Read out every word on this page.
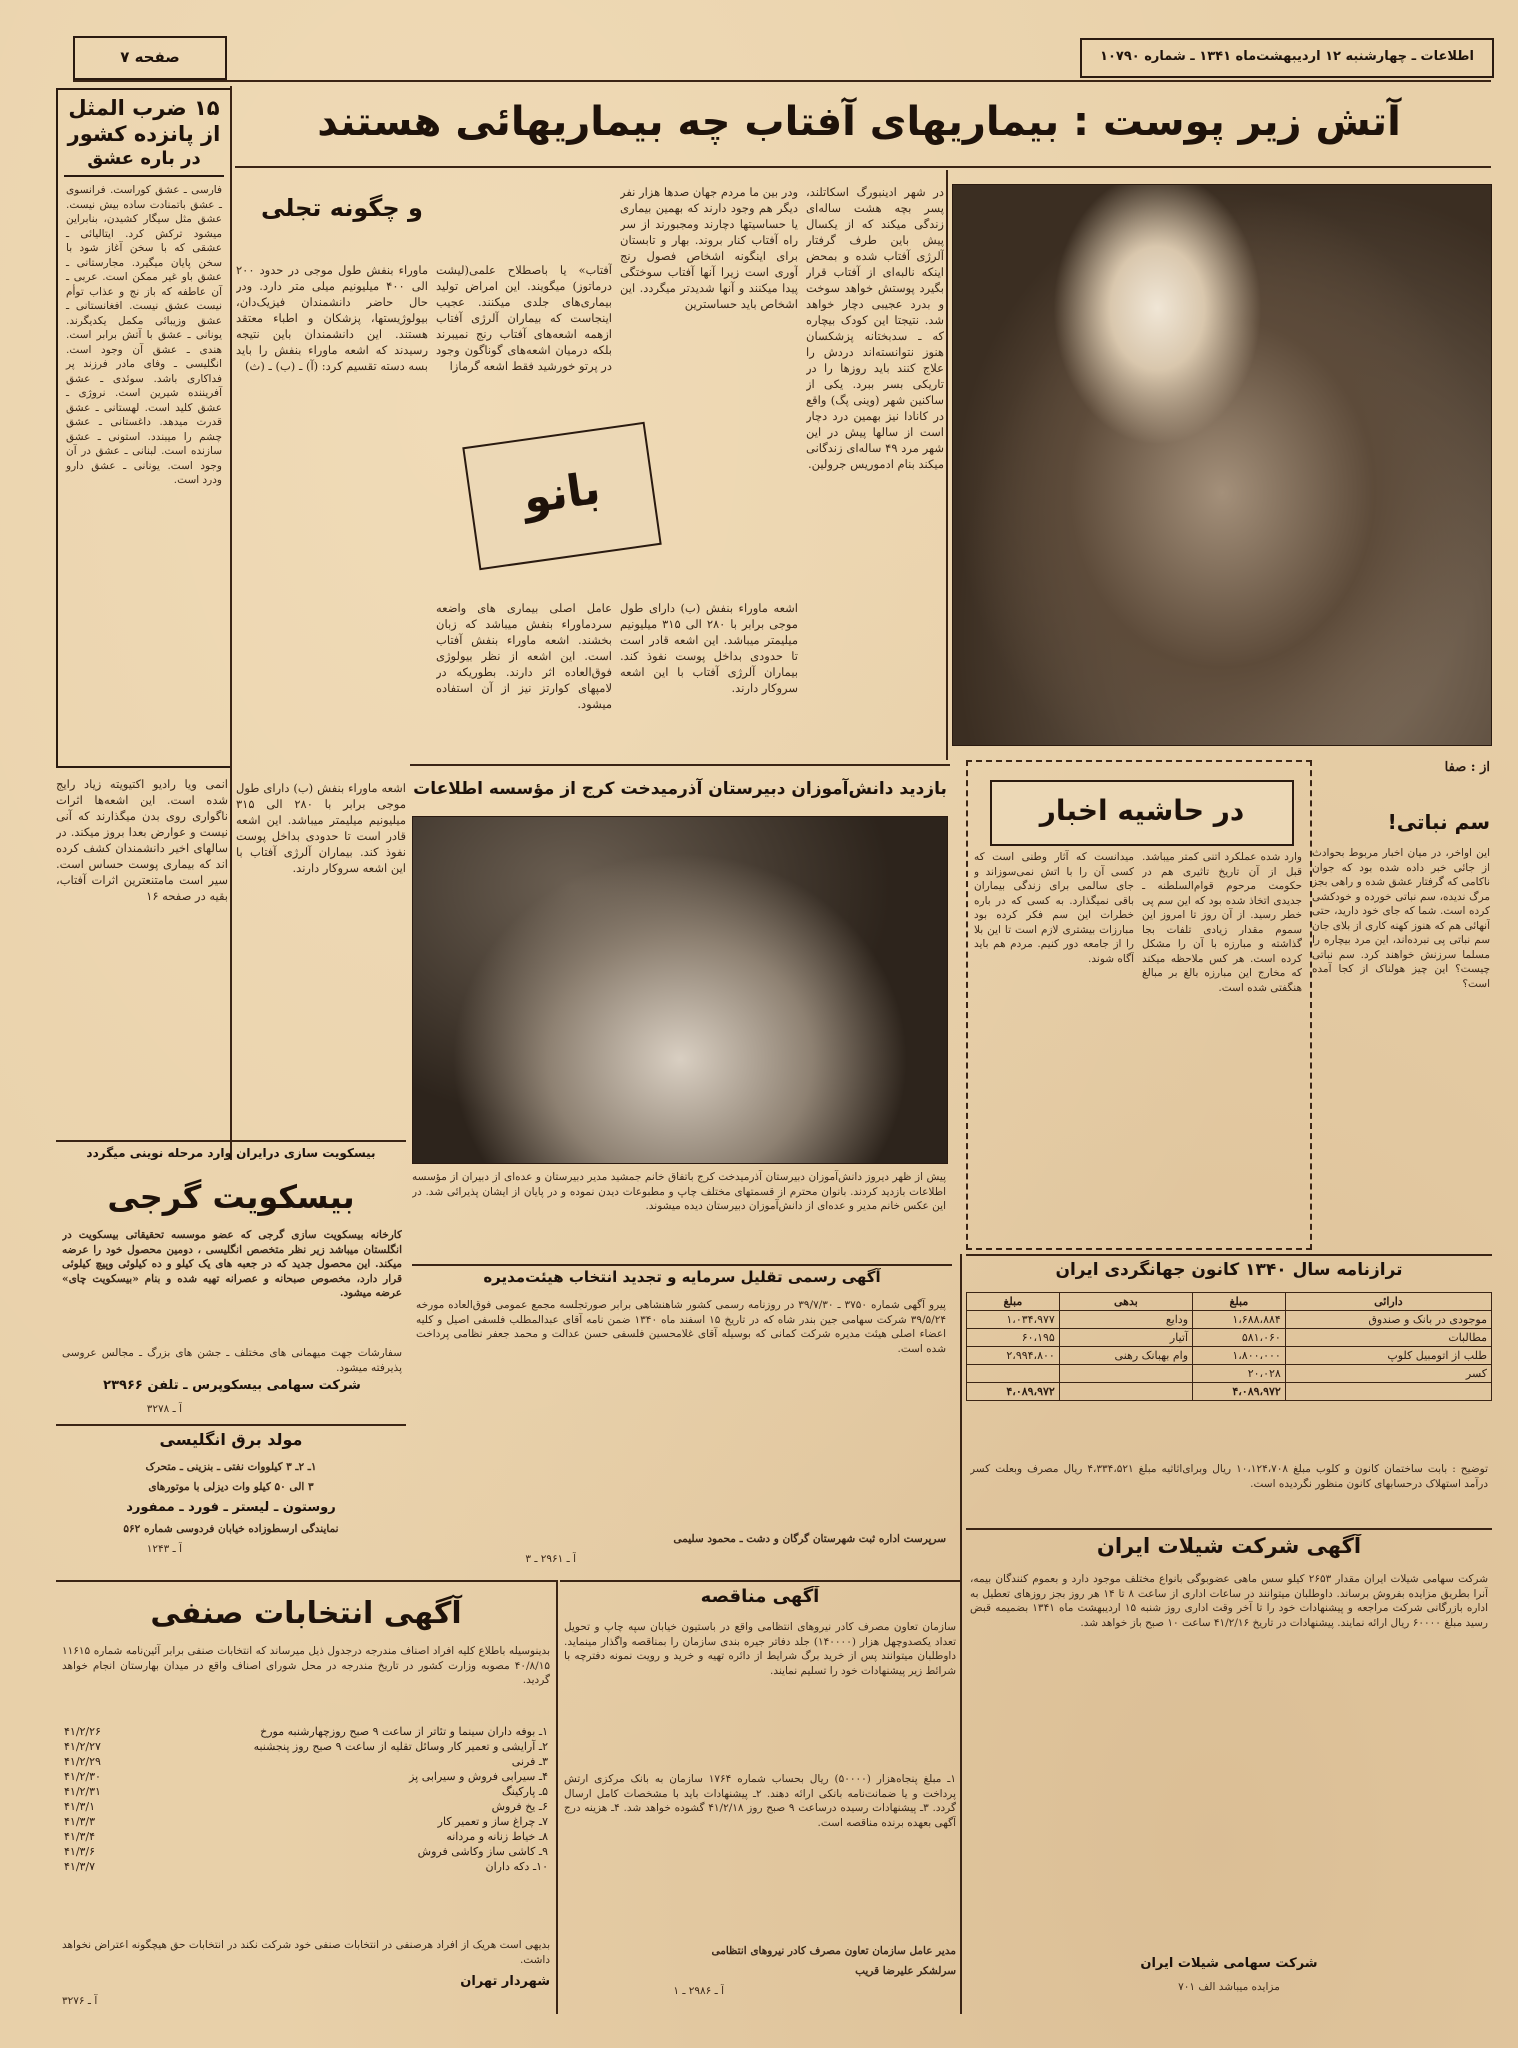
صفحه ۷	اطلاعات ـ چهارشنبه ۱۲ اردیبهشت‌ماه ۱۳۴۱ ـ شماره ۱۰۷۹۰
آتش زیر پوست : بیماریهای آفتاب چه بیماریهائی هستند
۱۵ ضرب المثل
از پانزده کشور
در باره عشق
فارسی ـ عشق کوراست. فرانسوی ـ عشق باتمنادت ساده بیش نیست. عشق مثل سیگار کشیدن، بنابراین میشود ترکش کرد. ایتالیائی ـ عشقی که با سخن آغاز شود با سخن پایان میگیرد. مجارستانی ـ عشق باو غیر ممکن است. عربی ـ آن عاطفه که باز نج و عذاب توأم نیست عشق نیست. افغانستانی ـ عشق وزیبائی مکمل یکدیگرند. یونانی ـ عشق با آتش برابر است. هندی ـ عشق آن وجود است. انگلیسی ـ وفای مادر فرزند پر فداکاری باشد. سوئدی ـ عشق آفریننده شیرین است. نروژی ـ عشق کلید است. لهستانی ـ عشق قدرت میدهد. داغستانی ـ عشق چشم را میبندد. استونی ـ عشق سازنده است. لبنانی ـ عشق در آن وجود است. یونانی ـ عشق دارو ودرد است.
و چگونه تجلی
در شهر ادینبورگ اسکاتلند، پسر بچه هشت ساله‌ای زندگی میکند که از یکسال پیش باین طرف گرفتار آلرژی آفتاب شده و بمحض اینکه نالبه‌ای از آفتاب قرار بگیرد پوستش خواهد سوخت و بدرد عجیبی دچار خواهد شد. نتیجتا این کودک بیچاره که ـ سدبختانه پزشکسان هنوز نتوانسته‌اند دردش را علاج کنند باید روزها را در تاریکی بسر ببرد. یکی از ساکنین شهر (وینی پگ) واقع در کانادا نیز بهمین درد دچار است از سالها پیش در این شهر مرد ۴۹ ساله‌ای زندگانی میکند بنام ادموریس جرولین.
ودر بین ما مردم جهان صدها هزار نفر دیگر هم وجود دارند که بهمین بیماری یا حساسیتها دچارند ومجبورند از سر راه آفتاب کنار بروند. بهار و تابستان برای اینگونه اشخاص فصول رنج آوری است زیرا آنها آفتاب سوختگی پیدا میکنند و آنها شدیدتر میگردد. این اشخاص باید حساسترین
آفتاب» یا باصطلاح علمی(لیشت درماتوز) میگویند. این امراض تولید بیماری‌های جلدی میکنند. عجیب اینجاست که بیماران آلرژی آفتاب ازهمه اشعه‌های آفتاب رنج نمیبرند بلکه درمیان اشعه‌های گوناگون وجود در پرتو خورشید فقط اشعه گرمازا
ماوراء بنفش طول موجی در حدود ۲۰۰ الی ۴۰۰ میلیونیم میلی متر دارد. ودر حال حاضر دانشمندان فیزیک‌دان، بیولوژیستها، پزشکان و اطباء معتقد هستند. این دانشمندان باین نتیجه رسیدند که اشعه ماوراء بنفش را باید بسه دسته تقسیم کرد: (آ) ـ (ب) ـ (ث)
بانو
عامل اصلی بیماری های واضعه سردماوراء بنفش میباشد که زبان بخشند. اشعه ماوراء بنفش آفتاب است. این اشعه از نظر بیولوژی فوق‌العاده اثر دارند. بطوریکه در لامپهای کوارتز نیز از آن استفاده میشود.
اشعه ماوراء بنفش (ب) دارای طول موجی برابر با ۲۸۰ الی ۳۱۵ میلیونیم میلیمتر میباشد. این اشعه قادر است تا حدودی بداخل پوست نفوذ کند. بیماران آلرژی آفتاب با این اشعه سروکار دارند.
انمی ویا رادیو اکتیویته زیاد رایج شده است. این اشعه‌ها اثرات ناگواری روی بدن میگذارند که آنی نیست و عوارض بعدا بروز میکند. در سالهای اخیر دانشمندان کشف کرده اند که بیماری پوست حساس است. سیر است مامتنعترین اثرات آفتاب، بقیه در صفحه ۱۶
اشعه ماوراء بنفش (ب) دارای طول موجی برابر با ۲۸۰ الی ۳۱۵ میلیونیم میلیمتر میباشد. این اشعه قادر است تا حدودی بداخل پوست نفوذ کند. بیماران آلرژی آفتاب با این اشعه سروکار دارند.
بازدید دانش‌آموزان دبیرستان آذرمیدخت کرج از مؤسسه اطلاعات
پیش از ظهر دیروز دانش‌آموزان دبیرستان آذرمیدخت کرج باتفاق خانم جمشید مدیر دبیرستان و عده‌ای از دبیران از مؤسسه اطلاعات بازدید کردند. بانوان محترم از قسمتهای مختلف چاپ و مطبوعات دیدن نموده و در پایان از ایشان پذیرائی شد. در این عکس خانم مدیر و عده‌ای از دانش‌آموزان دبیرستان دیده میشوند.
از : صفا
در حاشیه اخبار	سم نباتی!
این اواخر، در میان اخبار مربوط بحوادث از جائی خبر داده شده بود که جوان ناکامی که گرفتار عشق شده و راهی بجز مرگ ندیده، سم نباتی خورده و خودکشی کرده است. شما که جای خود دارید، حتی آنهائی هم که هنوز کهنه کاری از بلای جان سم نباتی پی نبرده‌اند، این مرد بیچاره را مسلما سرزنش خواهند کرد. سم نباتی چیست؟ این چیز هولناک از کجا آمده است؟
وارد شده عملکرد اتنی کمتر میباشد. قبل از آن تاریخ تاثیری هم در حکومت مرحوم قوام‌السلطنه ـ جدیدی اتخاذ شده بود که این سم پی خطر رسید. از آن روز تا امروز این سموم مقدار زیادی تلفات بجا گذاشته و مبارزه با آن را مشکل کرده است. هر کس ملاحظه میکند که مخارج این مبارزه بالغ بر مبالغ هنگفتی شده است.
میدانست که آثار وطنی است که کسی آن را با اتش نمی‌سوزاند و جای سالمی برای زندگی بیماران باقی نمیگذارد. به کسی که در باره خطرات این سم فکر کرده بود مبارزات بیشتری لازم است تا این بلا را از جامعه دور کنیم. مردم هم باید آگاه شوند.
بیسکویت سازی درایران وارد مرحله نوینی میگردد
بیسکویت گرجی
کارخانه بیسکویت سازی گرجی که عضو موسسه تحقیقاتی بیسکویت در انگلستان میباشد زیر نظر متخصص انگلیسی ، دومین محصول خود را عرضه میکند. این محصول جدید که در جعبه های یک کیلو و ده کیلوئی وپیچ کیلوئی قرار دارد، مخصوص صبحانه و عصرانه تهیه شده و بنام «بیسکویت چای» عرضه میشود.
سفارشات جهت میهمانی های مختلف ـ جشن های بزرگ ـ مجالس عروسی پذیرفته میشود.
شرکت سهامی بیسکوپرس ـ تلفن ۲۳۹۶۶
آ ـ ۳۲۷۸
مولد برق انگلیسی
۱ـ ۲ـ ۳ کیلووات نفتی ـ بنزینی ـ متحرک
۳ الی ۵۰ کیلو وات دیزلی با موتورهای
روستون ـ لیستر ـ فورد ـ ممفورد
نمایندگی ارسطوزاده خیابان فردوسی شماره ۵۶۲
آ ـ ۱۲۴۳
آگهی رسمی تقلیل سرمایه و تجدید انتخاب هیئت‌مدیره
پیرو آگهی شماره ۳۷۵۰ ـ ۳۹/۷/۳۰ در روزنامه رسمی کشور شاهنشاهی برابر صورتجلسه مجمع عمومی فوق‌العاده مورخه ۳۹/۵/۲۴ شرکت سهامی جین بندر شاه که در تاریخ ۱۵ اسفند ماه ۱۳۴۰ ضمن نامه آقای عبدالمطلب فلسفی اصیل و کلیه اعضاء اصلی هیئت مدیره شرکت کمانی که بوسیله آقای غلامحسین فلسفی حسن عدالت و محمد جعفر نظامی پرداخت شده است.
سرپرست اداره ثبت شهرستان گرگان و دشت ـ محمود سلیمی
آ ـ ۲۹۶۱ ـ ۳
ترازنامه سال ۱۳۴۰ کانون جهانگردی ایران
دارائی	مبلغ	بدهی	مبلغ
موجودی در بانک و صندوق	۱،۶۸۸،۸۸۴	ودایع	۱،۰۳۴،۹۷۷
مطالبات	۵۸۱،۰۶۰	آتیار	۶۰،۱۹۵
طلب از اتومبیل کلوپ	۱،۸۰۰،۰۰۰	وام بهبانک رهنی	۲،۹۹۴،۸۰۰
کسر	۲۰،۰۲۸		
	۴،۰۸۹،۹۷۲		۴،۰۸۹،۹۷۲
توضیح : بابت ساختمان کانون و کلوب مبلغ ۱۰،۱۲۴،۷۰۸ ریال وبرای‌اثاثیه مبلغ ۴،۳۳۴،۵۲۱ ریال مصرف وبعلت کسر درآمد استهلاک درحسابهای کانون منظور نگردیده است.
آگهی شرکت شیلات ایران
شرکت سهامی شیلات ایران مقدار ۲۶۵۳ کیلو سس ماهی عضوبوگی بانواع مختلف موجود دارد و بعموم کنندگان بیمه، آنرا بطریق مزایده بفروش برساند. داوطلبان میتوانند در ساعات اداری از ساعت ۸ تا ۱۴ هر روز بجز روزهای تعطیل به اداره بازرگانی شرکت مراجعه و پیشنهادات خود را تا آخر وقت اداری روز شنبه ۱۵ اردیبهشت ماه ۱۳۴۱ بضمیمه قبض رسید مبلغ ۶۰۰۰۰ ریال ارائه نمایند. پیشنهادات در تاریخ ۴۱/۲/۱۶ ساعت ۱۰ صبح باز خواهد شد.
شرکت سهامی شیلات ایران
مزایده میباشد الف ۷۰۱
آگهی مناقصه
سازمان تعاون مصرف کادر نیروهای انتظامی واقع در باستیون خیابان سپه چاپ و تحویل تعداد یکصدوچهل هزار (۱۴۰۰۰۰) جلد دفاتر جیره بندی سازمان را بمناقصه واگذار مینماید. داوطلبان میتوانند پس از خرید برگ شرایط از دائره تهیه و خرید و رویت نمونه دفترچه با شرائط زیر پیشنهادات خود را تسلیم نمایند.
۱ـ مبلغ پنجاه‌هزار (۵۰۰۰۰) ریال بحساب شماره ۱۷۶۴ سازمان به بانک مرکزی ارتش پرداخت و یا ضمانت‌نامه بانکی ارائه دهند. ۲ـ پیشنهادات باید با مشخصات کامل ارسال گردد. ۳ـ پیشنهادات رسیده درساعت ۹ صبح روز ۴۱/۲/۱۸ گشوده خواهد شد. ۴ـ هزینه درج آگهی بعهده برنده مناقصه است.
مدیر عامل سازمان تعاون مصرف کادر نیروهای انتظامی
سرلشکر علیرضا قریب
آ ـ ۲۹۸۶ ـ ۱
آگهی انتخابات صنفی
بدینوسیله باطلاع کلیه افراد اصناف مندرجه درجدول ذیل میرساند که انتخابات صنفی برابر آئین‌نامه شماره ۱۱۶۱۵ ۴۰/۸/۱۵ مصوبه وزارت کشور در تاریخ مندرجه در محل شورای اصناف واقع در میدان بهارستان انجام خواهد گردید.
۱ـ بوفه داران سینما و تئاتر از ساعت ۹ صبح روزچهارشنبه مورخ	۴۱/۲/۲۶
۲ـ آرایشی و تعمیر کار وسائل تقلیه از ساعت ۹ صبح روز پنجشنبه	۴۱/۲/۲۷
۳ـ فرنی	۴۱/۲/۲۹
۴ـ سیرابی فروش و سیرابی پز	۴۱/۲/۳۰
۵ـ پارکینگ	۴۱/۲/۳۱
۶ـ یخ فروش	۴۱/۳/۱
۷ـ چراغ ساز و تعمیر کار	۴۱/۳/۳
۸ـ خیاط زنانه و مردانه	۴۱/۳/۴
۹ـ کاشی ساز وکاشی فروش	۴۱/۳/۶
۱۰ـ دکه داران	۴۱/۳/۷
بدیهی است هریک از افراد هرصنفی در انتخابات صنفی خود شرکت نکند در انتخابات حق هیچگونه اعتراض نخواهد داشت.
شهردار تهران
آ ـ ۳۲۷۶
